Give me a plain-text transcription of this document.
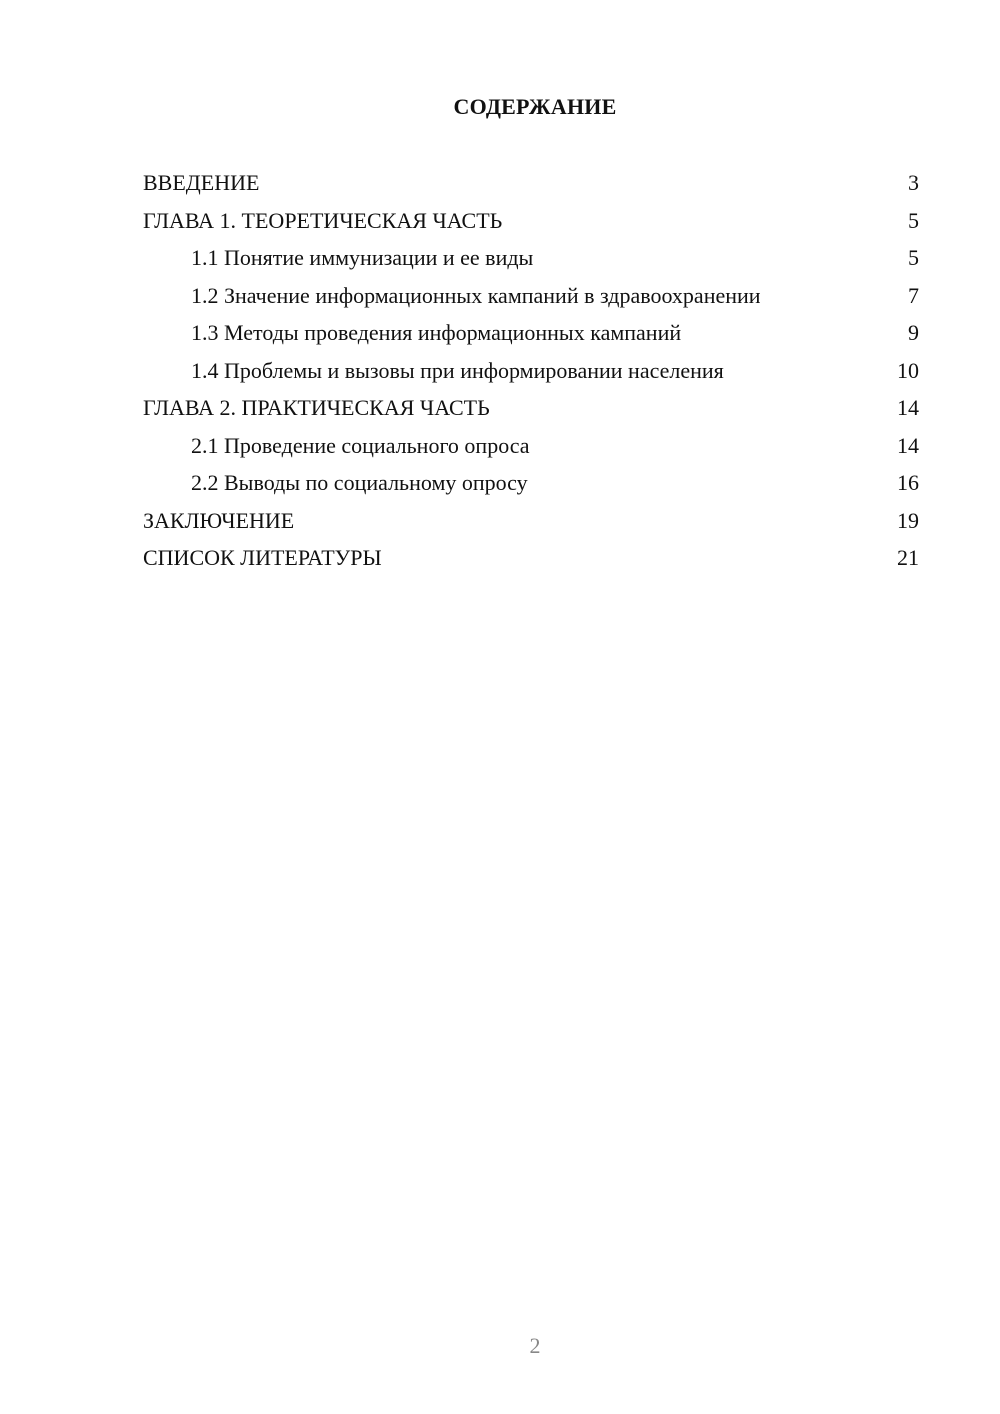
СОДЕРЖАНИЕ
ВВЕДЕНИЕ	3
ГЛАВА 1. ТЕОРЕТИЧЕСКАЯ ЧАСТЬ	5
1.1 Понятие иммунизации и ее виды	5
1.2 Значение информационных кампаний в здравоохранении	7
1.3 Методы проведения информационных кампаний	9
1.4 Проблемы и вызовы при информировании населения	10
ГЛАВА 2. ПРАКТИЧЕСКАЯ ЧАСТЬ	14
2.1 Проведение социального опроса	14
2.2 Выводы по социальному опросу	16
ЗАКЛЮЧЕНИЕ	19
СПИСОК ЛИТЕРАТУРЫ	21
2
